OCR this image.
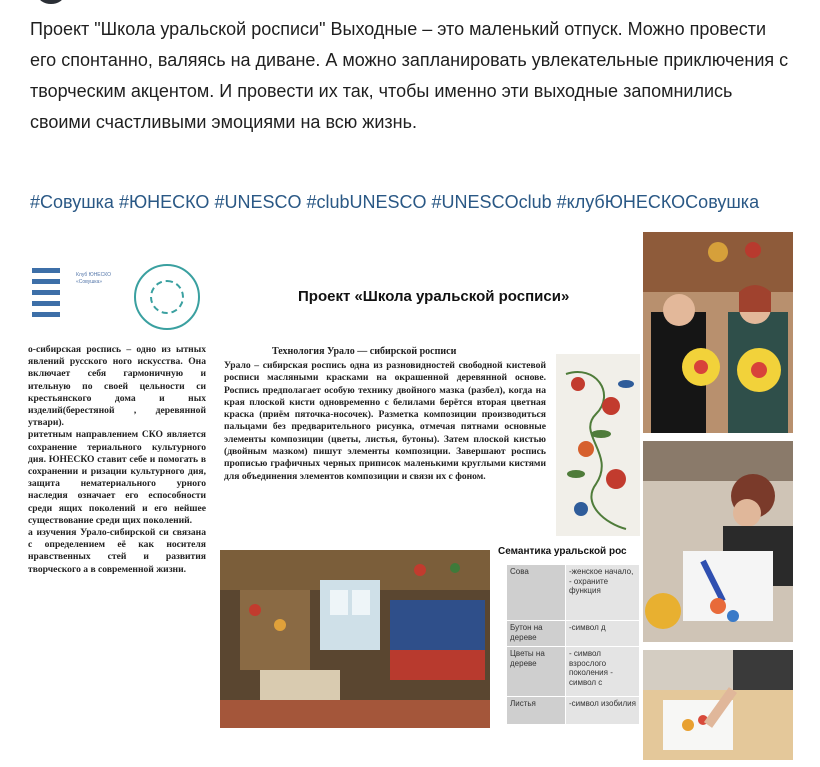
Проект "Школа уральской росписи" Выходные – это маленький отпуск. Можно провести его спонтанно, валяясь на диване. А можно запланировать увлекательные приключения с творческим акцентом. И провести их так, чтобы именно эти выходные запомнились своими счастливыми эмоциями на всю жизнь.

#Совушка #ЮНЕСКО #UNESCO #clubUNESCO #UNESCOclub #клубЮНЕСКОСовушка
Клуб ЮНЕСКО «Совушка»
Проект «Школа уральской росписи»

о-сибирская роспись – одно из ытных явлений русского ного искусства. Она включает себя гармоничную и ительную по своей цельности си крестьянского дома и ных изделий(берестяной , деревянной утвари).

ритетным направлением СКО является сохранение териального культурного дия. ЮНЕСКО ставит себе и помогать в сохранении и ризации культурного дия, защита нематериального урного наследия означает его еспособности среди ящих поколений и его нейшее существование среди щих поколений.

а изучения Урало-сибирской си связана с определением её как носителя нравственных стей и развития творческого а в современной жизни.

Технология Урало — сибирской росписи

Урало – сибирская роспись одна из разновидностей свободной кистевой росписи масляными красками на окрашенной деревянной основе. Роспись предполагает особую технику двойного мазка (разбел), когда на края плоской кисти одновременно с белилами берётся вторая цветная краска (приём пяточка-носочек). Разметка композиции производиться пальцами без предварительного рисунка, отмечая пятнами основные элементы композиции (цветы, листья, бутоны). Затем плоской кистью (двойным мазком) пишут элементы композиции. Завершают роспись прописью графичных черных приписок маленькими круглыми кистями для объединения элементов композиции и связи их с фоном.

Семантика уральской рос
Сова	-женское начало, - охраните функция
Бутон на дереве	-символ д
Цветы на дереве	- символ взрослого поколения - символ с
Листья	-символ изобилия
